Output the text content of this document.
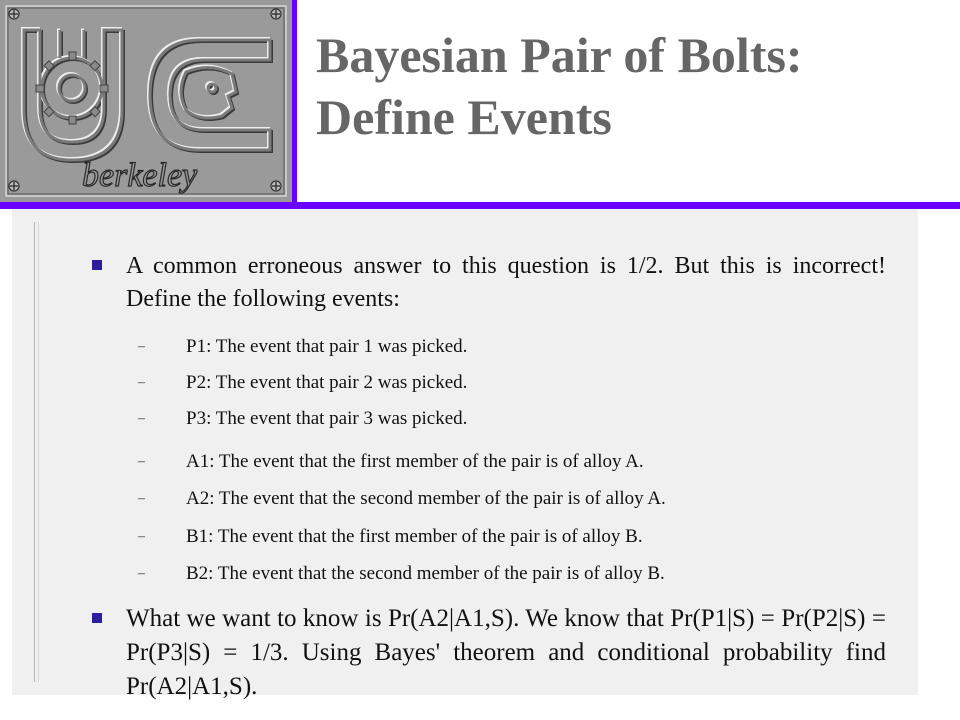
berkeley
Bayesian Pair of Bolts:
Define Events
A common erroneous answer to this question is 1/2. But this is incorrect! Define the following events:
– P1: The event that pair 1 was picked.
– P2: The event that pair 2 was picked.
– P3: The event that pair 3 was picked.
– A1: The event that the first member of the pair is of alloy A.
– A2: The event that the second member of the pair is of alloy A.
– B1: The event that the first member of the pair is of alloy B.
– B2: The event that the second member of the pair is of alloy B.
What we want to know is Pr(A2|A1,S). We know that Pr(P1|S) = Pr(P2|S) = Pr(P3|S) = 1/3. Using Bayes' theorem and conditional probability find Pr(A2|A1,S).
